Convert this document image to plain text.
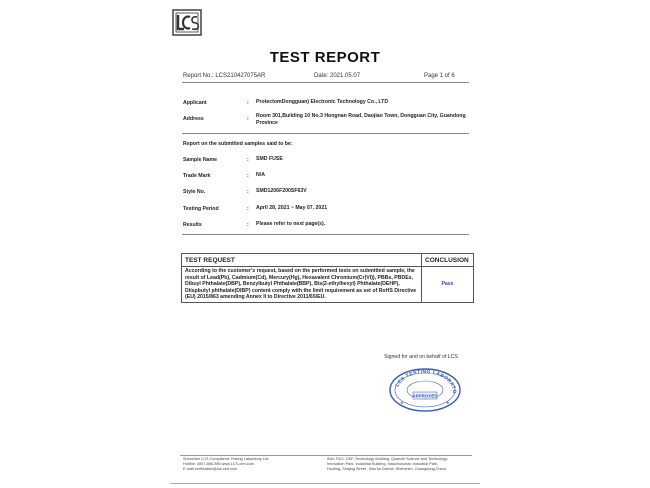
TEST REPORT
Report No.: LCS210427075AR	Date: 2021.05.07	Page 1 of 6
Applicant	: ProtectomDongguan) Electronic Technology Co., LTD
Address	: Room 301,Building 10 No.3 Hongnan Road, Daojiao Town, Dongguan City, Guandong Province
Report on the submitted samples said to be:
Sample Name	: SMD FUSE
Trade Mark	: N/A
Style No.	: SMD1206F200SF63V
Testing Period	: April 28, 2021 ~ May 07, 2021
Results	: Please refer to next page(s).
TEST REQUEST	CONCLUSION
According to the customer's request, based on the performed tests on submitted sample, the result of Lead(Pb), Cadmium(Cd), Mercury(Hg), Hexavalent Chromium(Cr(VI)), PBBs, PBDEs, Dibuyl Phthalate(DBP), Benzylbutyl Phthalate(BBP), Bis(2-ethylhexyl) Phthalate(DEHP), Diispbutyl phthalate(DIBP) content comply with the limit requirement as set of RoHS Directive (EU) 2015/863 amending Annex II to Directive 2011/65/EU.	Pass
Signed for and on behalf of LCS
LCS TESTING LABORATO
APPROVED
★	★
Shenzhen LCS Compliance Testing Laboratory Ltd.
Hotline: 4007-886-986 www.LCS-cert.com
E-mail:verification@lcs-cert.com
Add: F&G, 23/F.,Technology Building, Quanzhi Science and Technology
Innovation Park, Industrial Building, Maozhouuhan Industrial Park,
Houting, Shajing Street , Bao'an District, Shenzhen, Guangdong,China
